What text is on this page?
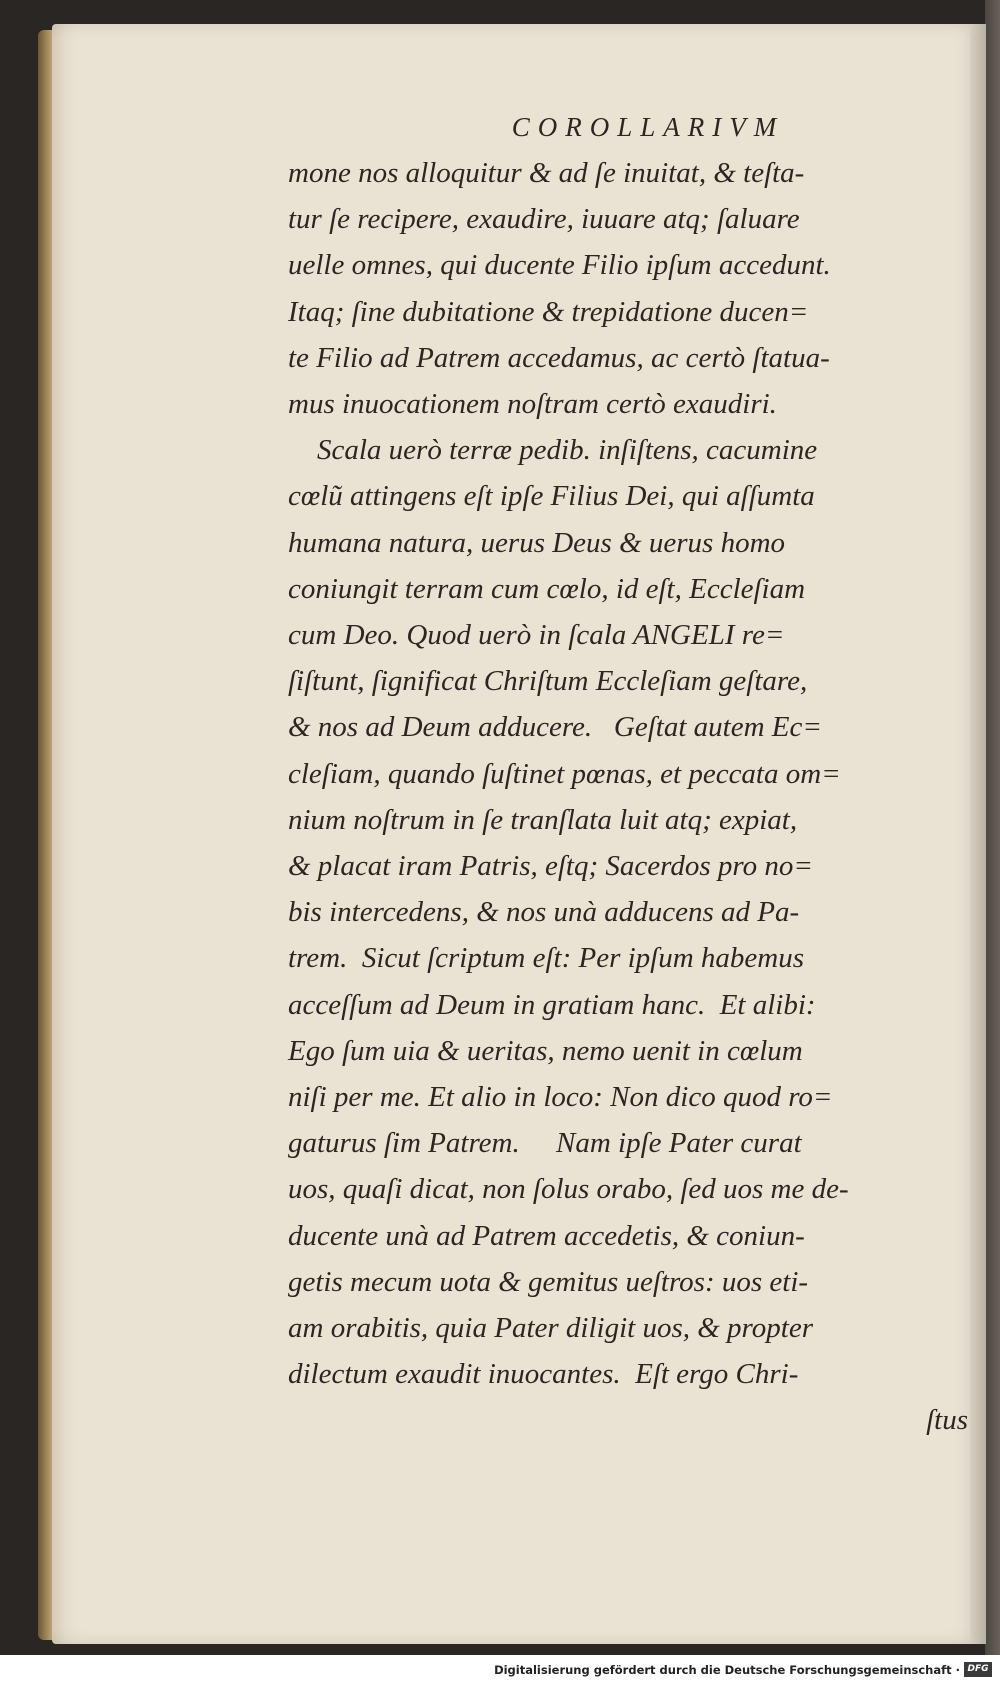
COROLLARIVM
mone nos alloquitur & ad ſe inuitat, & teſta-
tur ſe recipere, exaudire, iuuare atq; ſaluare
uelle omnes, qui ducente Filio ipſum accedunt.
Itaq; ſine dubitatione & trepidatione ducen=
te Filio ad Patrem accedamus, ac certò ſtatua-
mus inuocationem noſtram certò exaudiri.
Scala uerò terræ pedib. inſiſtens, cacumine
cœlũ attingens eſt ipſe Filius Dei, qui aſſumta
humana natura, uerus Deus & uerus homo
coniungit terram cum cœlo, id eſt, Eccleſiam
cum Deo. Quod uerò in ſcala ANGELI re=
ſiſtunt, ſignificat Chriſtum Eccleſiam geſtare,
& nos ad Deum adducere.   Geſtat autem Ec=
cleſiam, quando ſuſtinet pœnas, et peccata om=
nium noſtrum in ſe tranſlata luit atq; expiat,
& placat iram Patris, eſtq; Sacerdos pro no=
bis intercedens, & nos unà adducens ad Pa-
trem.  Sicut ſcriptum eſt: Per ipſum habemus
acceſſum ad Deum in gratiam hanc.  Et alibi:
Ego ſum uia & ueritas, nemo uenit in cœlum
niſi per me. Et alio in loco: Non dico quod ro=
gaturus ſim Patrem.     Nam ipſe Pater curat
uos, quaſi dicat, non ſolus orabo, ſed uos me de-
ducente unà ad Patrem accedetis, & coniun-
getis mecum uota & gemitus ueſtros: uos eti-
am orabitis, quia Pater diligit uos, & propter
dilectum exaudit inuocantes.  Eſt ergo Chri-
ſtus
Digitalisierung gefördert durch die Deutsche Forschungsgemeinschaft · DFG
